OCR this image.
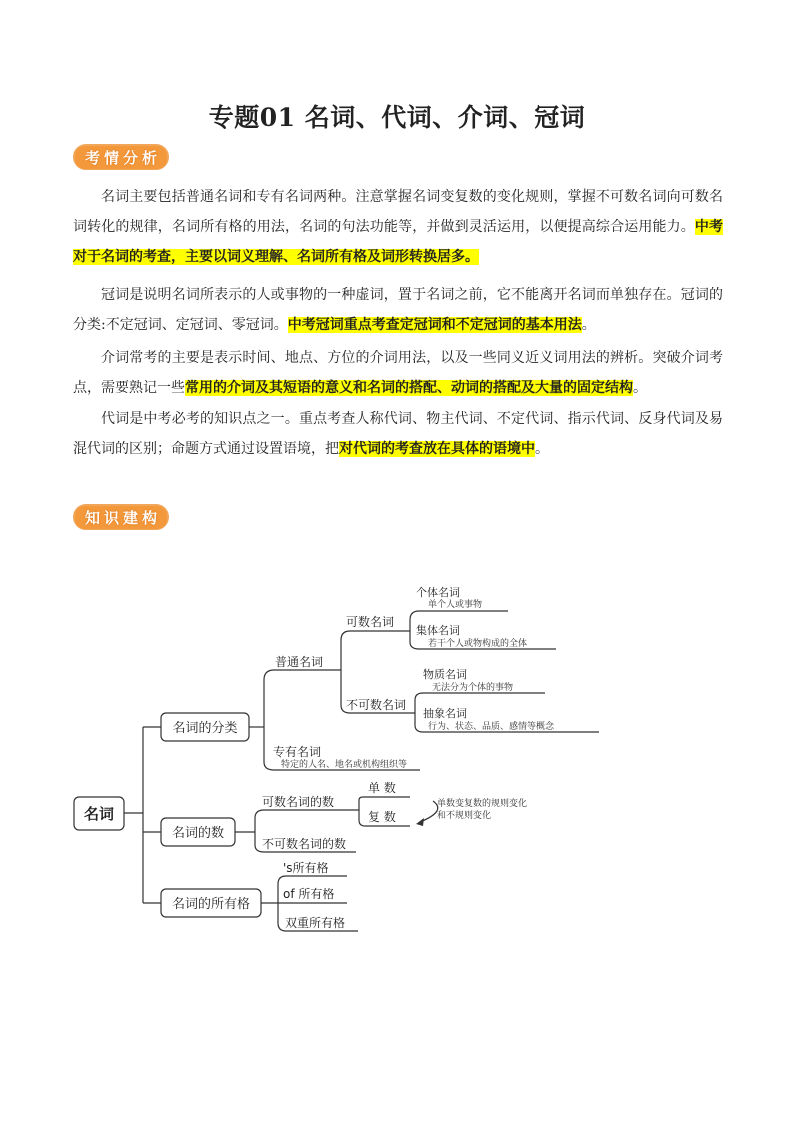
专题01 名词、代词、介词、冠词
考情分析

名词主要包括普通名词和专有名词两种。注意掌握名词变复数的变化规则，掌握不可数名词向可数名词转化的规律，名词所有格的用法，名词的句法功能等，并做到灵活运用，以便提高综合运用能力。中考对于名词的考查，主要以词义理解、名词所有格及词形转换居多。

冠词是说明名词所表示的人或事物的一种虚词，置于名词之前，它不能离开名词而单独存在。冠词的分类:不定冠词、定冠词、零冠词。中考冠词重点考查定冠词和不定冠词的基本用法。

介词常考的主要是表示时间、地点、方位的介词用法，以及一些同义近义词用法的辨析。突破介词考点，需要熟记一些常用的介词及其短语的意义和名词的搭配、动词的搭配及大量的固定结构。

代词是中考必考的知识点之一。重点考查人称代词、物主代词、不定代词、指示代词、反身代词及易混代词的区别；命题方式通过设置语境，把对代词的考查放在具体的语境中。

知识建构
名词
名词的分类
名词的数
名词的所有格
普通名词
可数名词
个体名词
单个人或事物
集体名词
若干个人或物构成的全体
不可数名词
物质名词
无法分为个体的事物
抽象名词
行为、状态、品质、感情等概念
专有名词
特定的人名、地名或机构组织等
可数名词的数
单 数
复 数
单数变复数的规则变化
和不规则变化
不可数名词的数
's所有格
of 所有格
双重所有格
